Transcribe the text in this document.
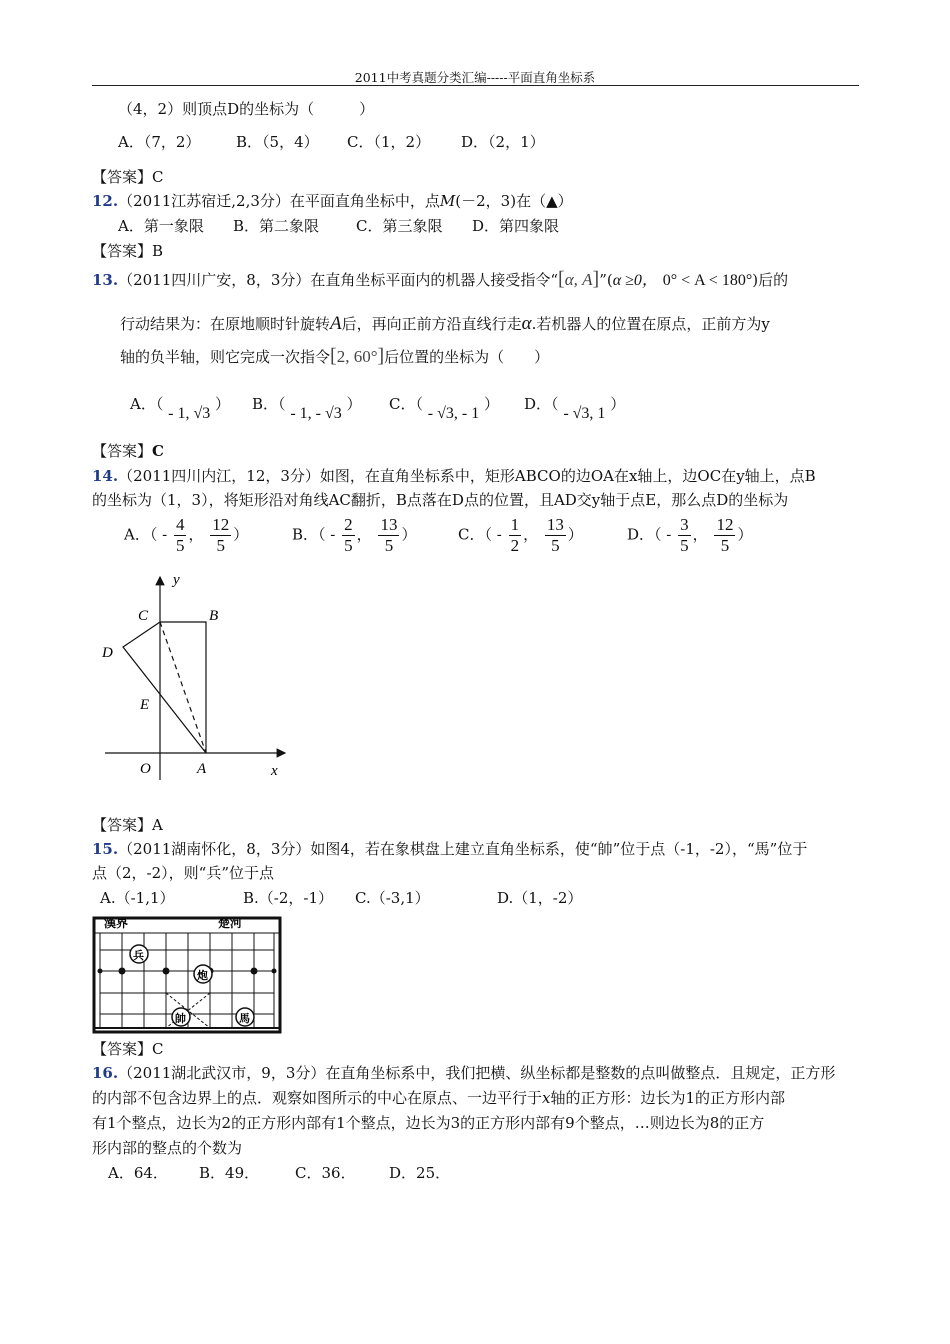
2011中考真题分类汇编-----平面直角坐标系
（4，2）则顶点D的坐标为（　　　）
A．（7，2） B．（5，4） C．（1，2） D．（2，1）
【答案】C
12.（2011江苏宿迁,2,3分）在平面直角坐标中，点M(－2，3)在（▲）
A．第一象限 B．第二象限 C．第三象限 D．第四象限
【答案】B
13.（2011四川广安，8，3分）在直角坐标平面内的机器人接受指令“[α, A]”(α ≥0， 0° < A < 180°)后的
行动结果为：在原地顺时针旋转A后，再向正前方沿直线行走α.若机器人的位置在原点，正前方为y
轴的负半轴，则它完成一次指令[2, 60°]后位置的坐标为（　　）
A．（ - 1, √3 ） B．（ - 1, - √3 ） C．（ - √3, - 1 ） D．（ - √3, 1 ）
【答案】C
14.（2011四川内江，12，3分）如图，在直角坐标系中，矩形ABCO的边OA在x轴上，边OC在y轴上，点B
的坐标为（1，3），将矩形沿对角线AC翻折，B点落在D点的位置，且AD交y轴于点E，那么点D的坐标为
A．（ - $\frac{4}{5}$ ， $\frac{12}{5}$ ）	B．（ - $\frac{2}{5}$ ， $\frac{13}{5}$ ）	C．（ - $\frac{1}{2}$ ， $\frac{13}{5}$ ）	D．（ - $\frac{3}{5}$ ， $\frac{12}{5}$ ）
y
x
C	B
D
E
O	A
【答案】A
15.（2011湖南怀化，8，3分）如图4，若在象棋盘上建立直角坐标系，使“帥”位于点（-1，-2），“馬”位于
点（2，-2），则“兵”位于点
A.（-1,1）	B.（-2，-1） C.（-3,1）	D.（1，-2）
漢界	楚河
兵
炮
帥	馬
【答案】C
16.（2011湖北武汉市，9，3分）在直角坐标系中，我们把横、纵坐标都是整数的点叫做整点．且规定，正方形
的内部不包含边界上的点．观察如图所示的中心在原点、一边平行于x轴的正方形：边长为1的正方形内部
有1个整点，边长为2的正方形内部有1个整点，边长为3的正方形内部有9个整点，…则边长为8的正方
形内部的整点的个数为
A．64． B．49． C．36． D．25．
